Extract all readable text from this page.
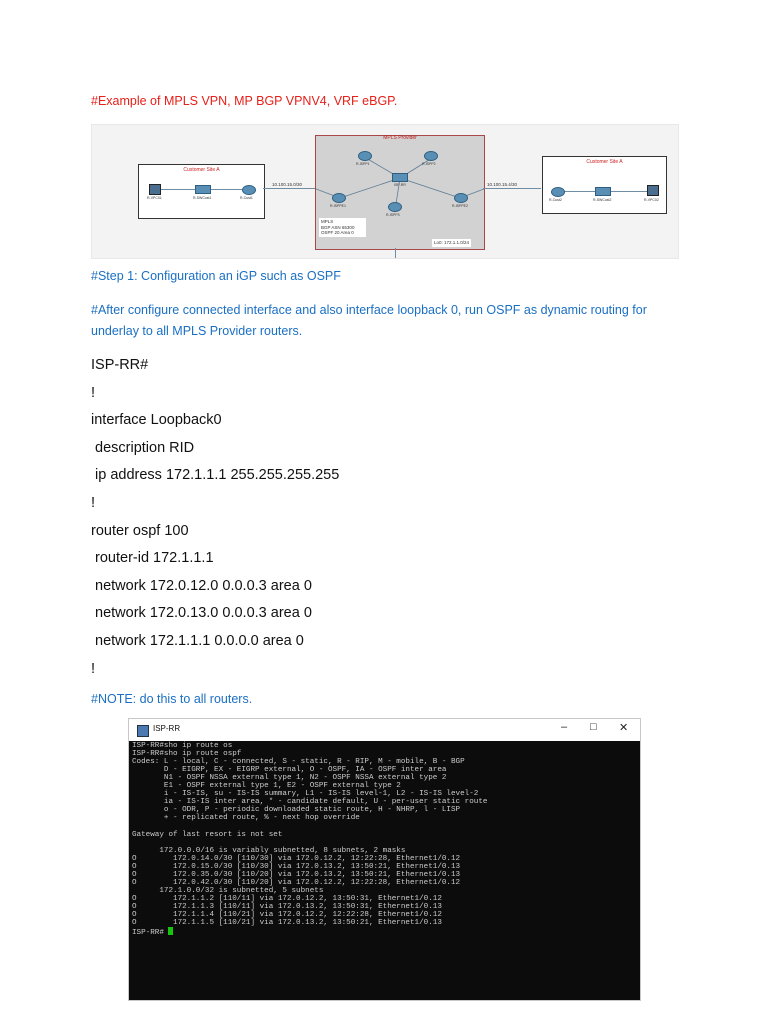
#Example of MPLS VPN, MP BGP VPNV4, VRF eBGP.
Customer Site A
R-VPC01	R-SWCust1	R-Cust1
10.100.15.0/30
MPLS Provider
R-ISPP1	R-ISPP2
ISP-RR
R-ISPPE1	R-ISPPE2
R-ISPP3
MPLS
BGP ASN 65300
OSPF 20 Area 0
Lo0: 172.1.1.0/24
10.100.15.4/30
Customer Site A
R-Cust2	R-SWCust2	R-VPC02
#Step 1: Configuration an iGP such as OSPF
#After configure connected interface and also interface loopback 0, run OSPF as dynamic routing for underlay to all MPLS Provider routers.
ISP-RR#
!
interface Loopback0
description RID
ip address 172.1.1.1 255.255.255.255
!
router ospf 100
router-id 172.1.1.1
network 172.0.12.0 0.0.0.3 area 0
network 172.0.13.0 0.0.0.3 area 0
network 172.1.1.1 0.0.0.0 area 0
!
#NOTE: do this to all routers.
ISP-RR	– □ ✕
ISP-RR#sho ip route os
ISP-RR#sho ip route ospf
Codes: L - local, C - connected, S - static, R - RIP, M - mobile, B - BGP
D - EIGRP, EX - EIGRP external, O - OSPF, IA - OSPF inter area
N1 - OSPF NSSA external type 1, N2 - OSPF NSSA external type 2
E1 - OSPF external type 1, E2 - OSPF external type 2
i - IS-IS, su - IS-IS summary, L1 - IS-IS level-1, L2 - IS-IS level-2
ia - IS-IS inter area, * - candidate default, U - per-user static route
o - ODR, P - periodic downloaded static route, H - NHRP, l - LISP
+ - replicated route, % - next hop override

Gateway of last resort is not set

172.0.0.0/16 is variably subnetted, 8 subnets, 2 masks
O        172.0.14.0/30 [110/30] via 172.0.12.2, 12:22:28, Ethernet1/0.12
O        172.0.15.0/30 [110/30] via 172.0.13.2, 13:50:21, Ethernet1/0.13
O        172.0.35.0/30 [110/20] via 172.0.13.2, 13:50:21, Ethernet1/0.13
O        172.0.42.0/30 [110/20] via 172.0.12.2, 12:22:28, Ethernet1/0.12
172.1.0.0/32 is subnetted, 5 subnets
O        172.1.1.2 [110/11] via 172.0.12.2, 13:50:31, Ethernet1/0.12
O        172.1.1.3 [110/11] via 172.0.13.2, 13:50:31, Ethernet1/0.13
O        172.1.1.4 [110/21] via 172.0.12.2, 12:22:28, Ethernet1/0.12
O        172.1.1.5 [110/21] via 172.0.13.2, 13:50:21, Ethernet1/0.13
ISP-RR#
